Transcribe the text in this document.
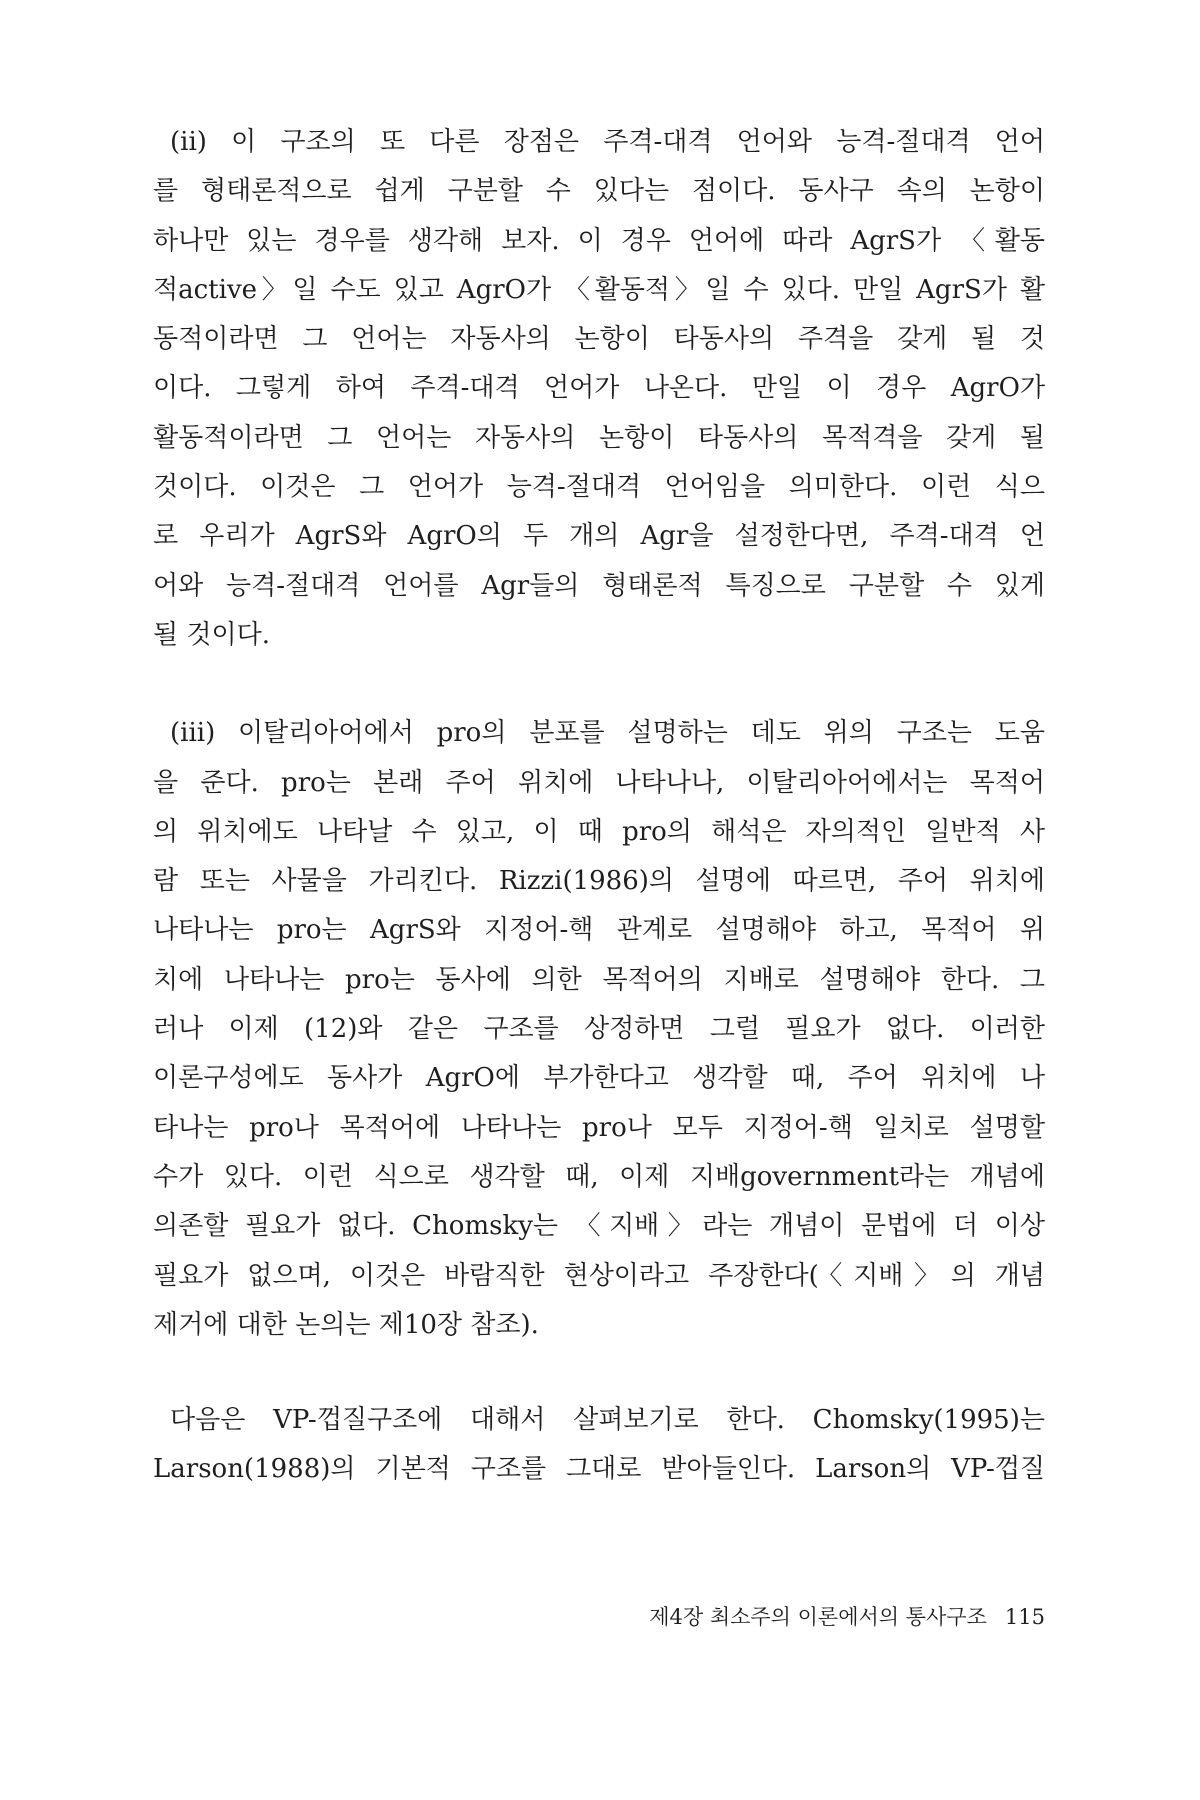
(ii) 이 구조의 또 다른 장점은 주격-대격 언어와 능격-절대격 언어
를 형태론적으로 쉽게 구분할 수 있다는 점이다. 동사구 속의 논항이
하나만 있는 경우를 생각해 보자. 이 경우 언어에 따라 AgrS가 〈활동
적active〉일 수도 있고 AgrO가 〈활동적〉일 수 있다. 만일 AgrS가 활
동적이라면 그 언어는 자동사의 논항이 타동사의 주격을 갖게 될 것
이다. 그렇게 하여 주격-대격 언어가 나온다. 만일 이 경우 AgrO가
활동적이라면 그 언어는 자동사의 논항이 타동사의 목적격을 갖게 될
것이다. 이것은 그 언어가 능격-절대격 언어임을 의미한다. 이런 식으
로 우리가 AgrS와 AgrO의 두 개의 Agr을 설정한다면, 주격-대격 언
어와 능격-절대격 언어를 Agr들의 형태론적 특징으로 구분할 수 있게
될 것이다.
(iii) 이탈리아어에서 pro의 분포를 설명하는 데도 위의 구조는 도움
을 준다. pro는 본래 주어 위치에 나타나나, 이탈리아어에서는 목적어
의 위치에도 나타날 수 있고, 이 때 pro의 해석은 자의적인 일반적 사
람 또는 사물을 가리킨다. Rizzi(1986)의 설명에 따르면, 주어 위치에
나타나는 pro는 AgrS와 지정어-핵 관계로 설명해야 하고, 목적어 위
치에 나타나는 pro는 동사에 의한 목적어의 지배로 설명해야 한다. 그
러나 이제 (12)와 같은 구조를 상정하면 그럴 필요가 없다. 이러한
이론구성에도 동사가 AgrO에 부가한다고 생각할 때, 주어 위치에 나
타나는 pro나 목적어에 나타나는 pro나 모두 지정어-핵 일치로 설명할
수가 있다. 이런 식으로 생각할 때, 이제 지배government라는 개념에
의존할 필요가 없다. Chomsky는 〈지배〉라는 개념이 문법에 더 이상
필요가 없으며, 이것은 바람직한 현상이라고 주장한다(〈지배〉의 개념
제거에 대한 논의는 제10장 참조).
다음은 VP-껍질구조에 대해서 살펴보기로 한다. Chomsky(1995)는
Larson(1988)의 기본적 구조를 그대로 받아들인다. Larson의 VP-껍질
제4장 최소주의 이론에서의 통사구조 115
